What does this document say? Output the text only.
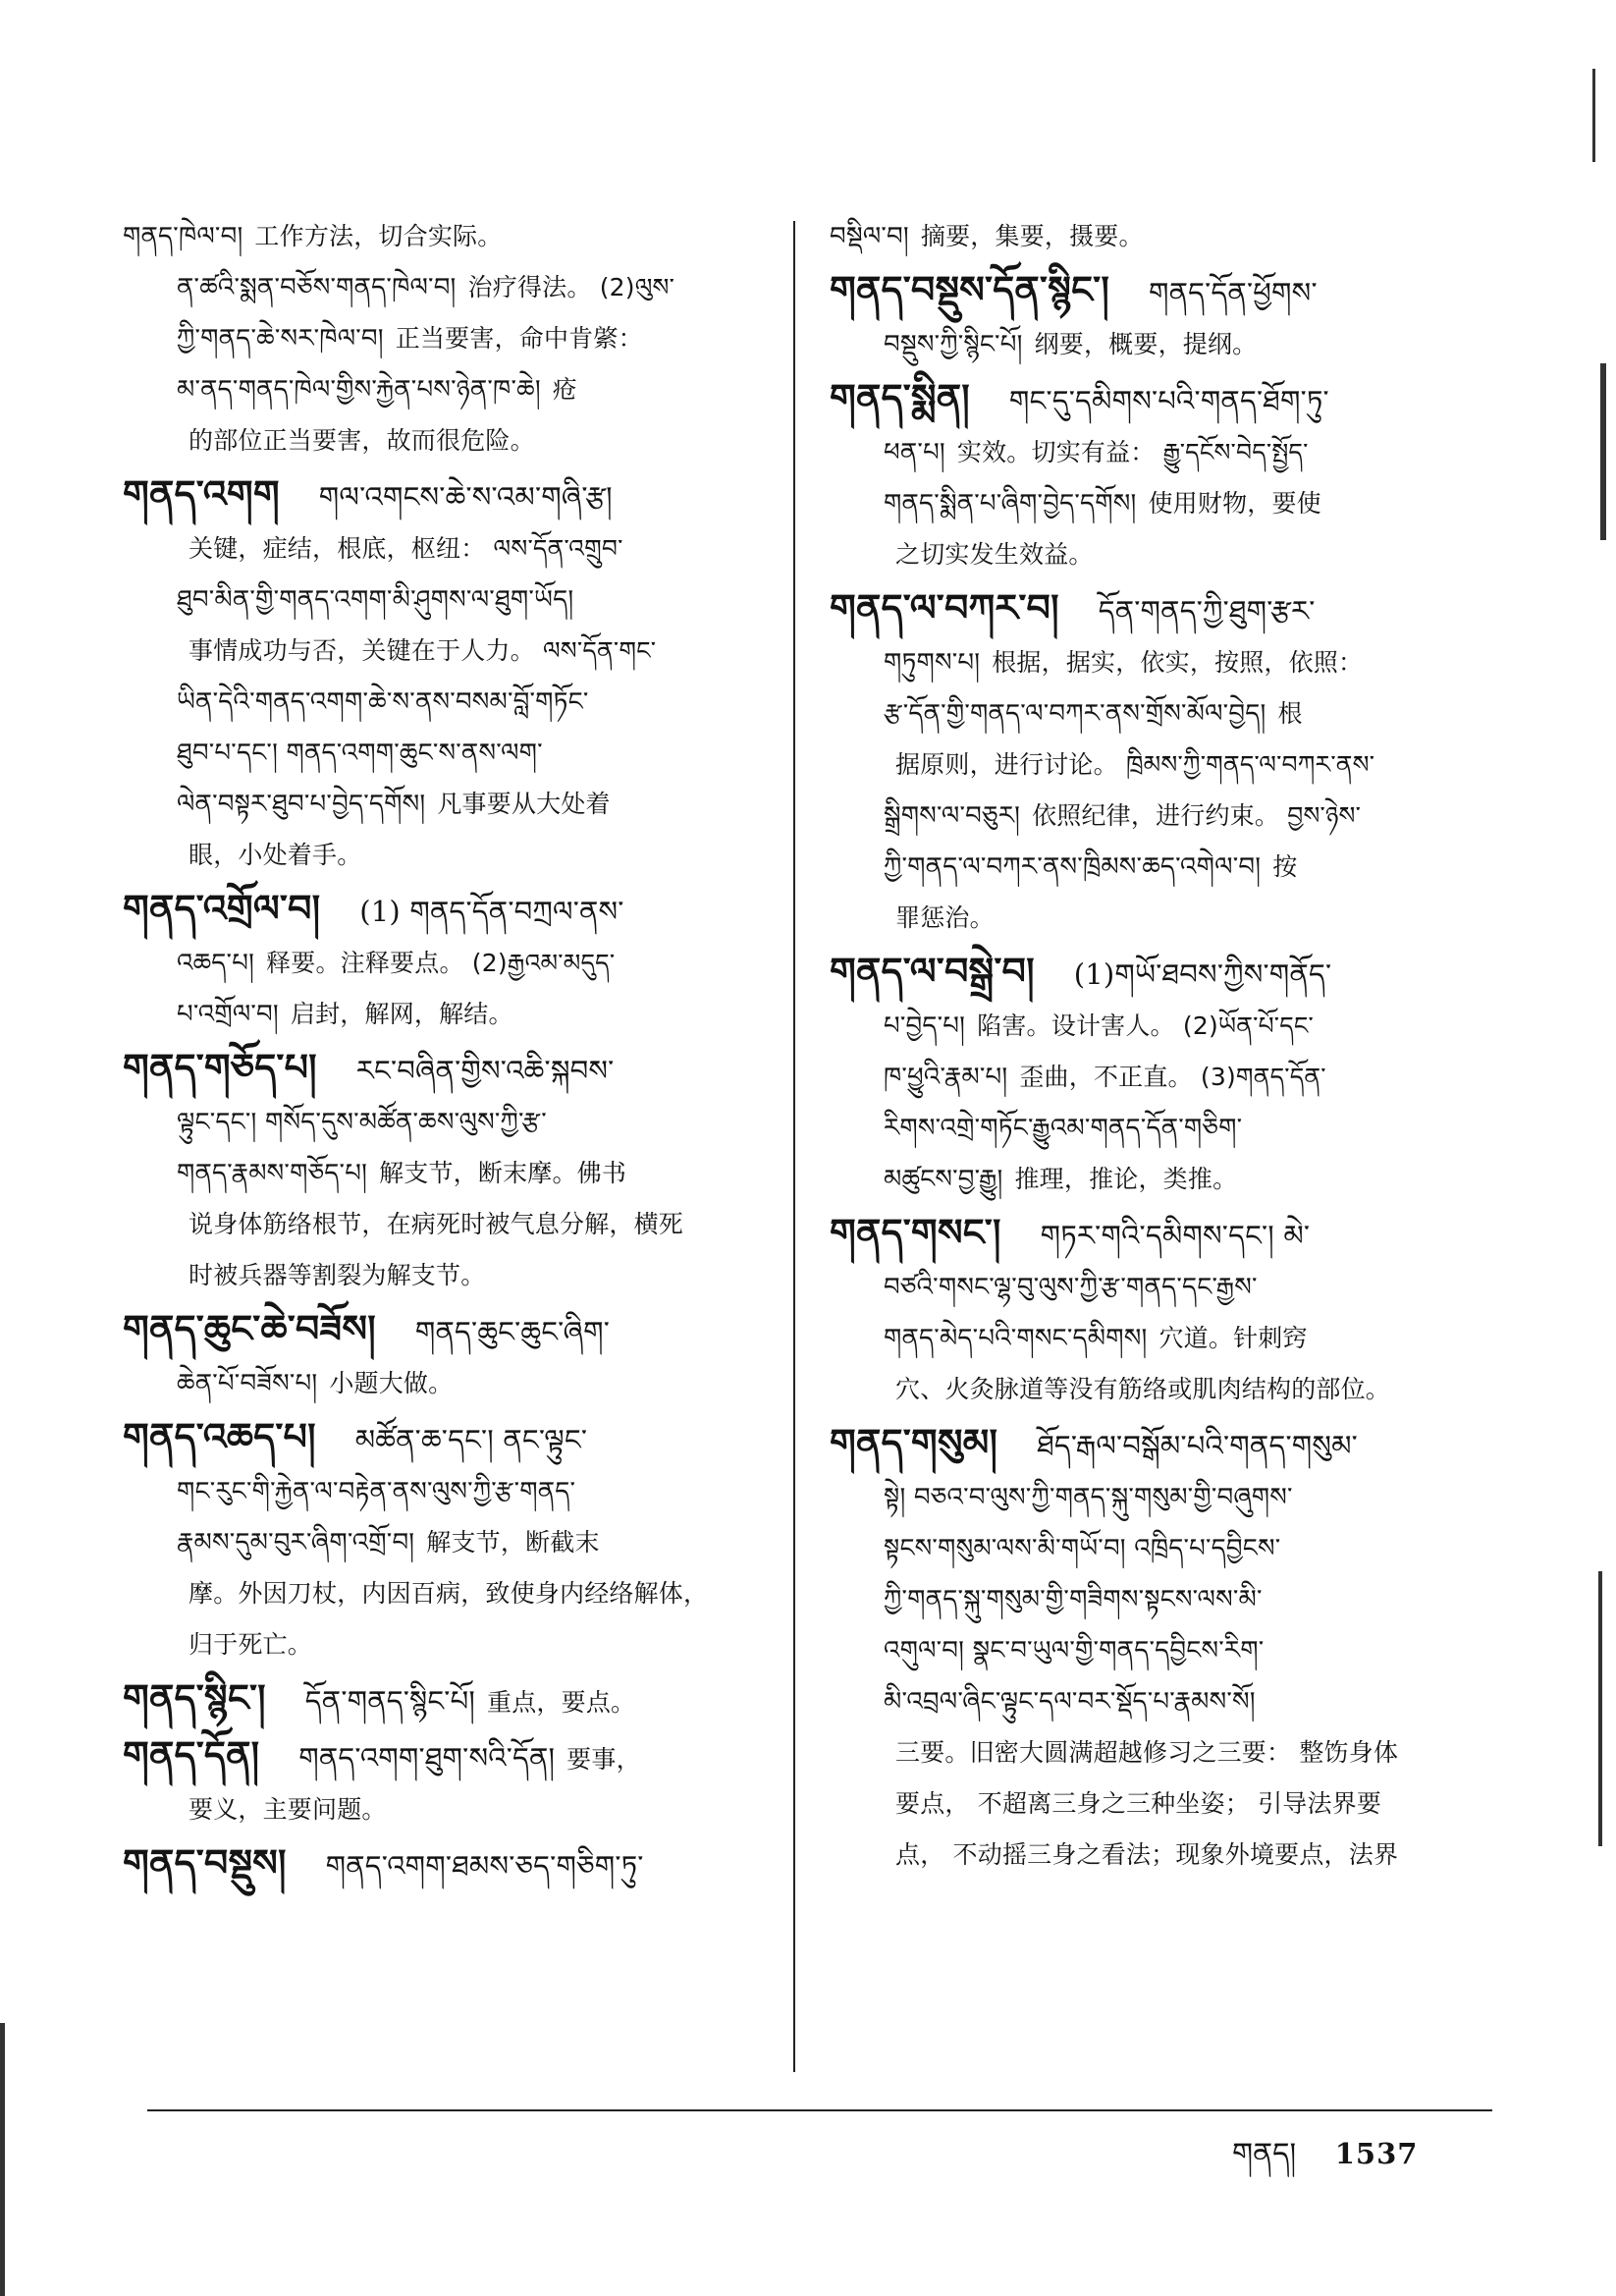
གནད་ཁེལ་བ། 工作方法，切合实际。
ན་ཚའི་སྨན་བཅོས་གནད་ཁེལ་བ། 治疗得法。 (2)ལུས་
ཀྱི་གནད་ཆེ་སར་ཁེལ་བ། 正当要害，命中肯綮：
མ་ནད་གནད་ཁེལ་གྱིས་རྐྱེན་པས་ཉེན་ཁ་ཆེ། 疮
的部位正当要害，故而很危险。
གནད་འགག གལ་འགངས་ཆེ་ས་འམ་གཞི་རྩ།
关键，症结，根底，枢纽： ལས་དོན་འགྲུབ་
ཐུབ་མིན་གྱི་གནད་འགག་མི་ཤུགས་ལ་ཐུག་ཡོད།
事情成功与否，关键在于人力。 ལས་དོན་གང་
ཡིན་དེའི་གནད་འགག་ཆེ་ས་ནས་བསམ་བློ་གཏོང་
ཐུབ་པ་དང་། གནད་འགག་ཆུང་ས་ནས་ལག་
ལེན་བསྟར་ཐུབ་པ་བྱེད་དགོས། 凡事要从大处着
眼，小处着手。
གནད་འགྲོལ་བ། (1) གནད་དོན་བཀྲལ་ནས་
འཆད་པ། 释要。注释要点。 (2)རྒྱའམ་མདུད་
པ་འགྲོལ་བ། 启封，解网，解结。
གནད་གཅོད་པ། རང་བཞིན་གྱིས་འཆི་སྐབས་
ལྟུང་དང་། གསོད་དུས་མཚོན་ཆས་ལུས་ཀྱི་རྩ་
གནད་རྣམས་གཅོད་པ། 解支节，断末摩。佛书
说身体筋络根节，在病死时被气息分解，横死
时被兵器等割裂为解支节。
གནད་ཆུང་ཆེ་བཟོས། གནད་ཆུང་ཆུང་ཞིག་
ཆེན་པོ་བཟོས་པ། 小题大做。
གནད་འཆད་པ། མཚོན་ཆ་དང་། ནང་ལྟུང་
གང་རུང་གི་རྐྱེན་ལ་བརྟེན་ནས་ལུས་ཀྱི་རྩ་གནད་
རྣམས་དུམ་བུར་ཞིག་འགྲོ་བ། 解支节，断截末
摩。外因刀杖，内因百病，致使身内经络解体，
归于死亡。
གནད་སྙིང་། དོན་གནད་སྙིང་པོ། 重点，要点。
གནད་དོན། གནད་འགག་ཐུག་སའི་དོན། 要事，
要义，主要问题。
གནད་བསྡུས། གནད་འགག་ཐམས་ཅད་གཅིག་ཏུ་
བསྡིལ་བ། 摘要，集要，摄要。
གནད་བསྡུས་དོན་སྙིང་། གནད་དོན་ཕྱོགས་
བསྡུས་ཀྱི་སྙིང་པོ། 纲要，概要，提纲。
གནད་སྨིན། གང་དུ་དམིགས་པའི་གནད་ཐོག་ཏུ་
ཕན་པ། 实效。切实有益： རྒྱུ་དངོས་བེད་སྤྱོད་
གནད་སྨིན་པ་ཞིག་བྱེད་དགོས། 使用财物，要使
之切实发生效益。
གནད་ལ་བཀར་བ། དོན་གནད་ཀྱི་ཐུག་རྩར་
གཏུགས་པ། 根据，据实，依实，按照，依照：
རྩ་དོན་གྱི་གནད་ལ་བཀར་ནས་གྲོས་མོལ་བྱེད། 根
据原则，进行讨论。 ཁྲིམས་ཀྱི་གནད་ལ་བཀར་ནས་
སྒྲིགས་ལ་བཅུར། 依照纪律，进行约束。 བྱས་ཉེས་
ཀྱི་གནད་ལ་བཀར་ནས་ཁྲིམས་ཆད་འགེལ་བ། 按
罪惩治。
གནད་ལ་བསྒྲེ་བ། (1)གཡོ་ཐབས་ཀྱིས་གནོད་
པ་བྱེད་པ། 陷害。设计害人。 (2)ཡོན་པོ་དང་
ཁ་ཕྱུའི་རྣམ་པ། 歪曲，不正直。 (3)གནད་དོན་
རིགས་འགྲེ་གཏོང་རྒྱུའམ་གནད་དོན་གཅིག་
མཚུངས་བྱ་རྒྱུ། 推理，推论，类推。
གནད་གསང་། གཏར་གའི་དམིགས་དང་། མེ་
བཙའི་གསང་ལྷ་བུ་ལུས་ཀྱི་རྩ་གནད་དང་རྒྱས་
གནད་མེད་པའི་གསང་དམིགས། 穴道。针刺窍
穴、火灸脉道等没有筋络或肌肉结构的部位。
གནད་གསུམ། ཐོད་རྒལ་བསྒོམ་པའི་གནད་གསུམ་
སྟེ། བཅའ་བ་ལུས་ཀྱི་གནད་སྐུ་གསུམ་གྱི་བཞུགས་
སྟངས་གསུམ་ལས་མི་གཡོ་བ། འཁྲིད་པ་དབྱིངས་
ཀྱི་གནད་སྐུ་གསུམ་གྱི་གཟིགས་སྟངས་ལས་མི་
འགུལ་བ། སྣང་བ་ཡུལ་གྱི་གནད་དབྱིངས་རིག་
མི་འབྲལ་ཞིང་ལྟུང་དལ་བར་སྡོད་པ་རྣམས་སོ།
三要。旧密大圆满超越修习之三要： 整饬身体
要点， 不超离三身之三种坐姿； 引导法界要
点， 不动摇三身之看法；现象外境要点，法界
གནད། 1537
